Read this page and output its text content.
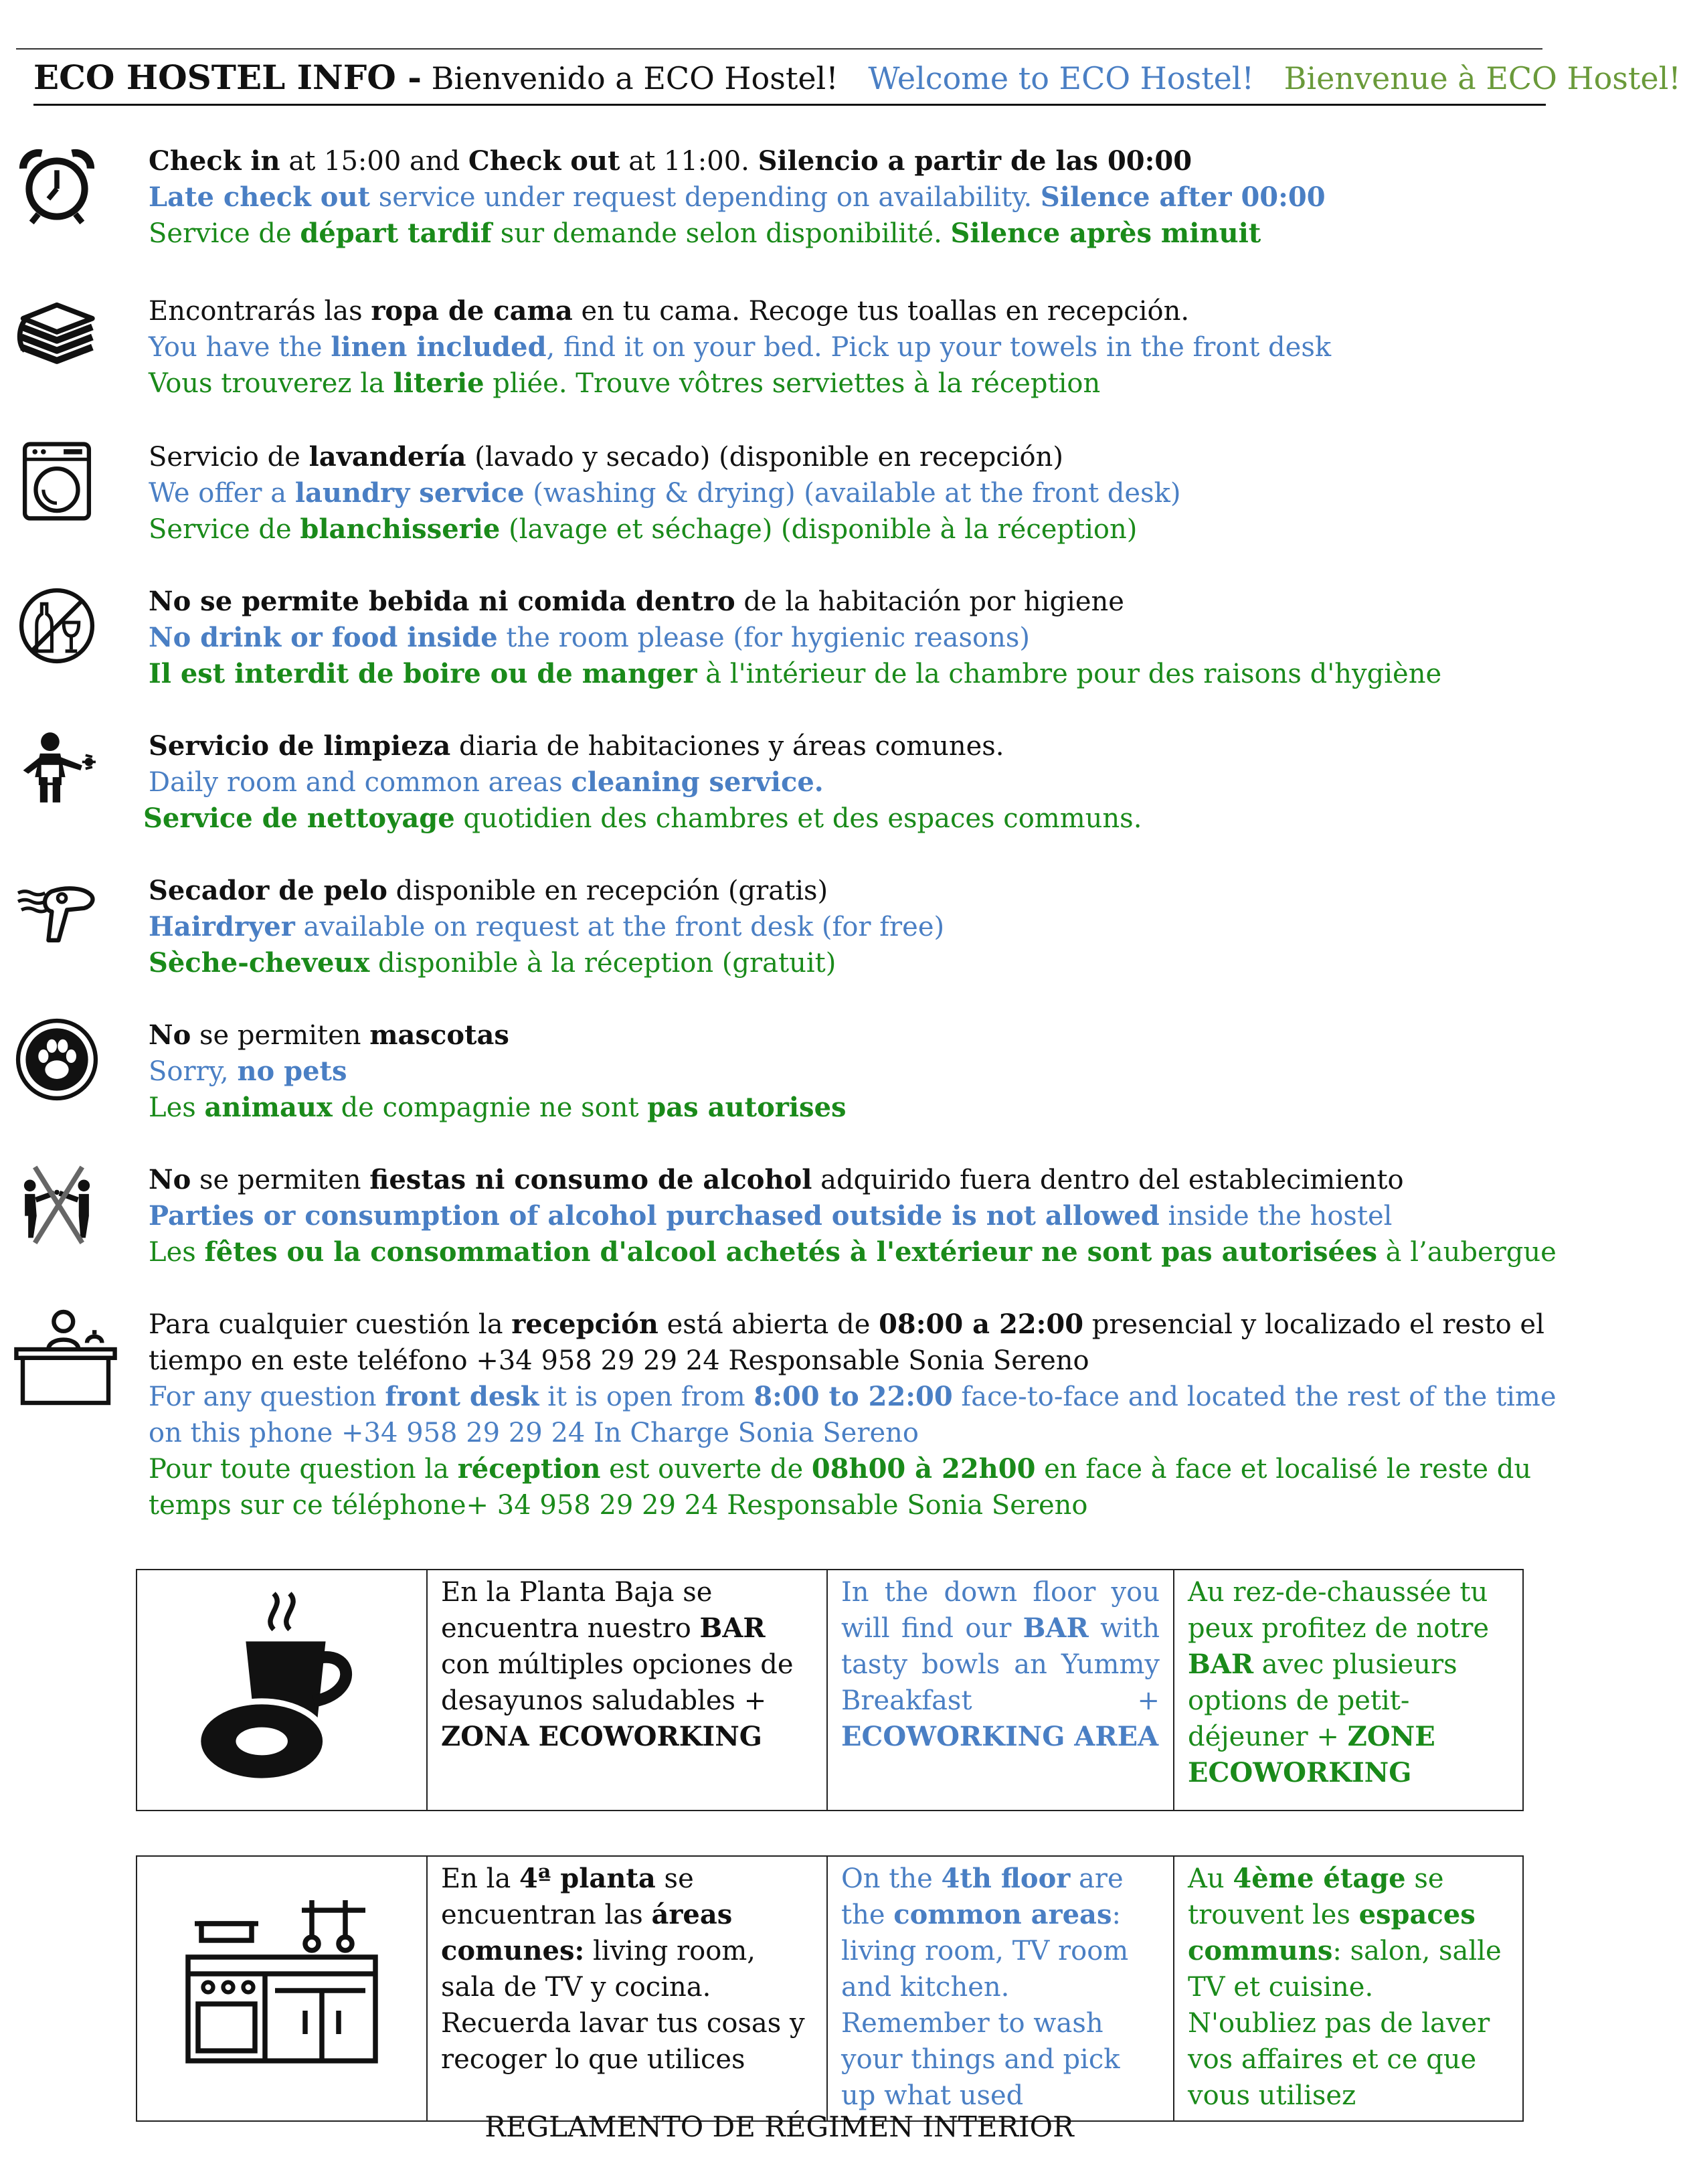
ECO HOSTEL INFO - Bienvenido a ECO Hostel! Welcome to ECO Hostel! Bienvenue à ECO Hostel!
Check in at 15:00 and Check out at 11:00. Silencio a partir de las 00:00
Late check out service under request depending on availability. Silence after 00:00
Service de départ tardif sur demande selon disponibilité. Silence après minuit
Encontrarás las ropa de cama en tu cama. Recoge tus toallas en recepción.
You have the linen included, find it on your bed. Pick up your towels in the front desk
Vous trouverez la literie pliée. Trouve vôtres serviettes à la réception
Servicio de lavandería (lavado y secado) (disponible en recepción)
We offer a laundry service (washing & drying) (available at the front desk)
Service de blanchisserie (lavage et séchage) (disponible à la réception)
No se permite bebida ni comida dentro de la habitación por higiene
No drink or food inside the room please (for hygienic reasons)
Il est interdit de boire ou de manger à l'intérieur de la chambre pour des raisons d'hygiène
Servicio de limpieza diaria de habitaciones y áreas comunes.
Daily room and common areas cleaning service.
Service de nettoyage quotidien des chambres et des espaces communs.
Secador de pelo disponible en recepción (gratis)
Hairdryer available on request at the front desk (for free)
Sèche-cheveux disponible à la réception (gratuit)
No se permiten mascotas
Sorry, no pets
Les animaux de compagnie ne sont pas autorises
No se permiten fiestas ni consumo de alcohol adquirido fuera dentro del establecimiento
Parties or consumption of alcohol purchased outside is not allowed inside the hostel
Les fêtes ou la consommation d'alcool achetés à l'extérieur ne sont pas autorisées à l’aubergue
Para cualquier cuestión la recepción está abierta de 08:00 a 22:00 presencial y localizado el resto el
tiempo en este teléfono +34 958 29 29 24 Responsable Sonia Sereno
For any question front desk it is open from 8:00 to 22:00 face-to-face and located the rest of the time
on this phone +34 958 29 29 24 In Charge Sonia Sereno
Pour toute question la réception est ouverte de 08h00 à 22h00 en face à face et localisé le reste du
temps sur ce téléphone+ 34 958 29 29 24 Responsable Sonia Sereno
	En la Planta Baja se encuentra nuestro BAR con múltiples opciones de desayunos saludables + ZONA ECOWORKING	In the down floor you will find our BAR with tasty bowls an Yummy Breakfast + ECOWORKING AREA	Au rez-de-chaussée tu peux profitez de notre BAR avec plusieurs options de petit-déjeuner + ZONE ECOWORKING
	En la 4ª planta se encuentran las áreas comunes: living room, sala de TV y cocina. Recuerda lavar tus cosas y recoger lo que utilices	On the 4th floor are the common areas: living room, TV room and kitchen. Remember to wash your things and pick up what used	Au 4ème étage se trouvent les espaces communs: salon, salle TV et cuisine. N'oubliez pas de laver vos affaires et ce que vous utilisez
REGLAMENTO DE RÉGIMEN INTERIOR
